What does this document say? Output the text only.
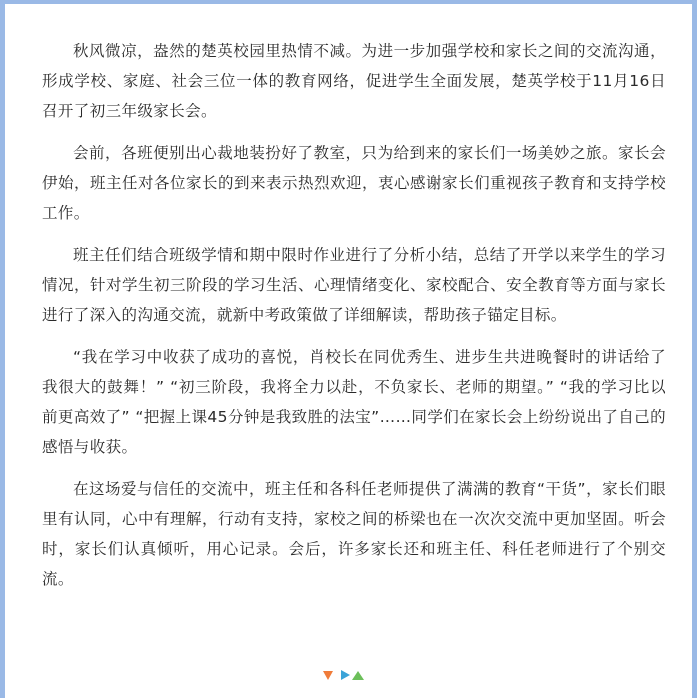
秋风微凉，盎然的楚英校园里热情不减。为进一步加强学校和家长之间的交流沟通，形成学校、家庭、社会三位一体的教育网络，促进学生全面发展，楚英学校于11月16日召开了初三年级家长会。

会前，各班便别出心裁地装扮好了教室，只为给到来的家长们一场美妙之旅。家长会伊始，班主任对各位家长的到来表示热烈欢迎，衷心感谢家长们重视孩子教育和支持学校工作。

班主任们结合班级学情和期中限时作业进行了分析小结，总结了开学以来学生的学习情况，针对学生初三阶段的学习生活、心理情绪变化、家校配合、安全教育等方面与家长进行了深入的沟通交流，就新中考政策做了详细解读，帮助孩子锚定目标。

“我在学习中收获了成功的喜悦，肖校长在同优秀生、进步生共进晚餐时的讲话给了我很大的鼓舞！” “初三阶段，我将全力以赴，不负家长、老师的期望。” “我的学习比以前更高效了” “把握上课45分钟是我致胜的法宝”……同学们在家长会上纷纷说出了自己的感悟与收获。

在这场爱与信任的交流中，班主任和各科任老师提供了满满的教育“干货”，家长们眼里有认同，心中有理解，行动有支持，家校之间的桥梁也在一次次交流中更加坚固。听会时，家长们认真倾听，用心记录。会后，许多家长还和班主任、科任老师进行了个别交流。
